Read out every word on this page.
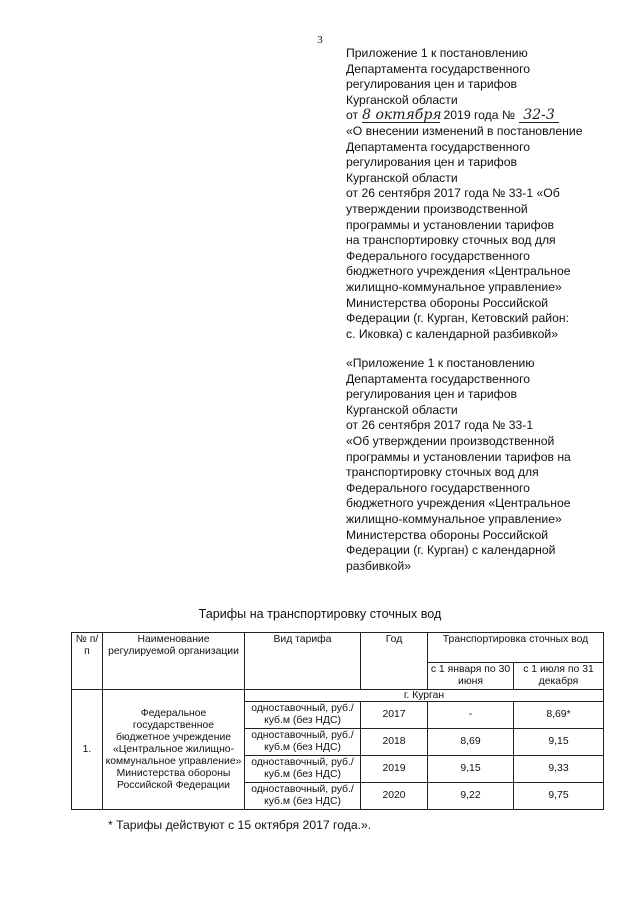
3
Приложение 1 к постановлению
Департамента государственного
регулирования цен и тарифов
Курганской области
от 8 октября 2019 года № 32-3
«О внесении изменений в постановление
Департамента государственного
регулирования цен и тарифов
Курганской области
от 26 сентября 2017 года № 33-1 «Об
утверждении производственной
программы и установлении тарифов
на транспортировку сточных вод для
Федерального государственного
бюджетного учреждения «Центральное
жилищно-коммунальное управление»
Министерства обороны Российской
Федерации (г. Курган, Кетовский район:
с. Иковка) с календарной разбивкой»
«Приложение 1 к постановлению
Департамента государственного
регулирования цен и тарифов
Курганской области
от 26 сентября 2017 года № 33-1
«Об утверждении производственной
программы и установлении тарифов на
транспортировку сточных вод для
Федерального государственного
бюджетного учреждения «Центральное
жилищно-коммунальное управление»
Министерства обороны Российской
Федерации (г. Курган) с календарной
разбивкой»
Тарифы на транспортировку сточных вод
№ п/п	Наименование регулируемой организации	Вид тарифа	Год	Транспортировка сточных вод	
				с 1 января по 30 июня	с 1 июля по 31 декабря
1.	Федеральное государственное бюджетное учреждение «Центральное жилищно-коммунальное управление» Министерства обороны Российской Федерации	г. Курган			
		одноставочный, руб./куб.м (без НДС)	2017	-	8,69*
		одноставочный, руб./куб.м (без НДС)	2018	8,69	9,15
		одноставочный, руб./куб.м (без НДС)	2019	9,15	9,33
		одноставочный, руб./куб.м (без НДС)	2020	9,22	9,75
* Тарифы действуют с 15 октября 2017 года.».
